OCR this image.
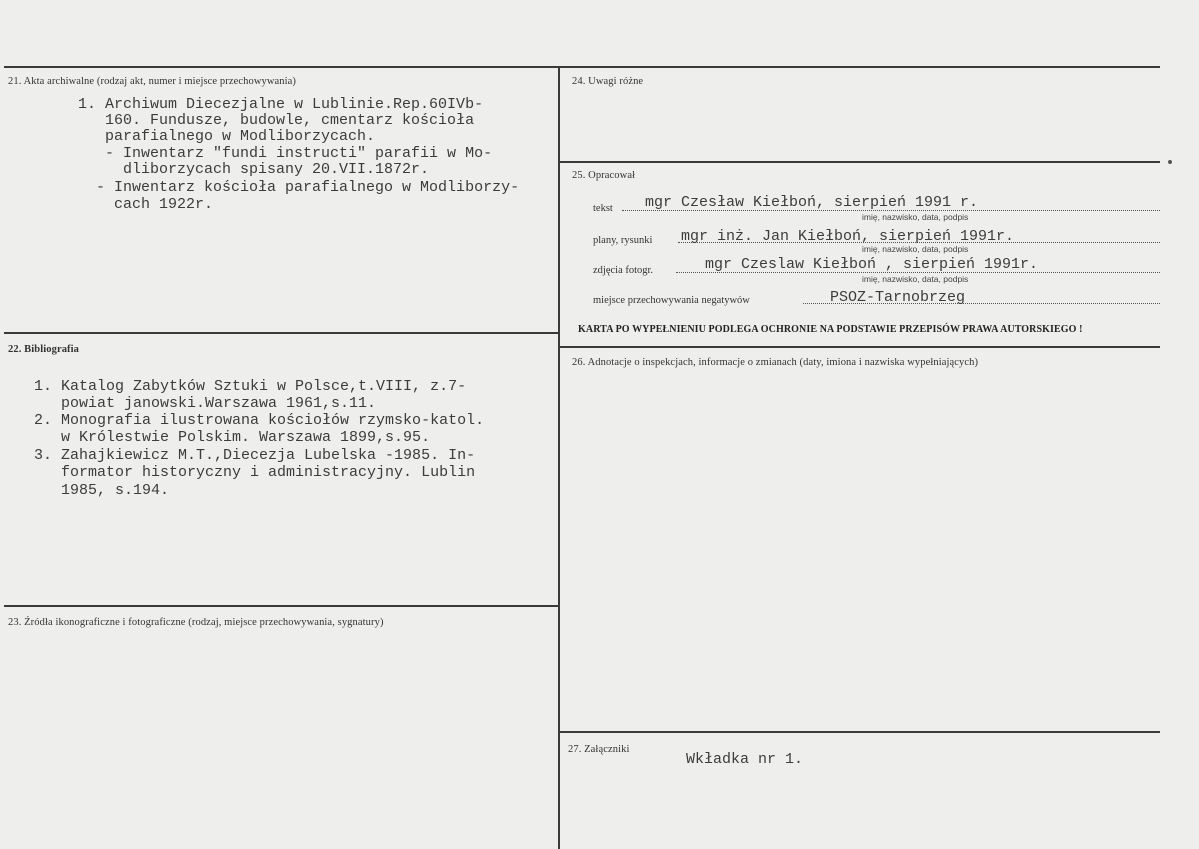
21. Akta archiwalne (rodzaj akt, numer i miejsce przechowywania)
1. Archiwum Diecezjalne w Lublinie.Rep.60IVb-
160. Fundusze, budowle, cmentarz kościoła
parafialnego w Modliborzycach.
- Inwentarz "fundi instructi" parafii w Mo-
dliborzycach spisany 20.VII.1872r.
- Inwentarz kościoła parafialnego w Modliborzy-
cach 1922r.
22. Bibliografia
1. Katalog Zabytków Sztuki w Polsce,t.VIII, z.7-
powiat janowski.Warszawa 1961,s.11.
2. Monografia ilustrowana kościołów rzymsko-katol.
w Królestwie Polskim. Warszawa 1899,s.95.
3. Zahajkiewicz M.T.,Diecezja Lubelska -1985. In-
formator historyczny i administracyjny. Lublin
1985, s.194.
23. Źródła ikonograficzne i fotograficzne (rodzaj, miejsce przechowywania, sygnatury)
24. Uwagi różne
25. Opracował
tekst mgr Czesław Kiełboń, sierpień 1991 r.
imię, nazwisko, data, podpis
plany, rysunki mgr inż. Jan Kiełboń, sierpień 1991r.
imię, nazwisko, data, podpis
zdjęcia fotogr.	mgr Czeslaw Kiełboń , sierpień 1991r.
imię, nazwisko, data, podpis
miejsce przechowywania negatywów	PSOZ-Tarnobrzeg
KARTA PO WYPEŁNIENIU PODLEGA OCHRONIE NA PODSTAWIE PRZEPISÓW PRAWA AUTORSKIEGO !
26. Adnotacje o inspekcjach, informacje o zmianach (daty, imiona i nazwiska wypełniających)
27. Załączniki
Wkładka nr 1.
